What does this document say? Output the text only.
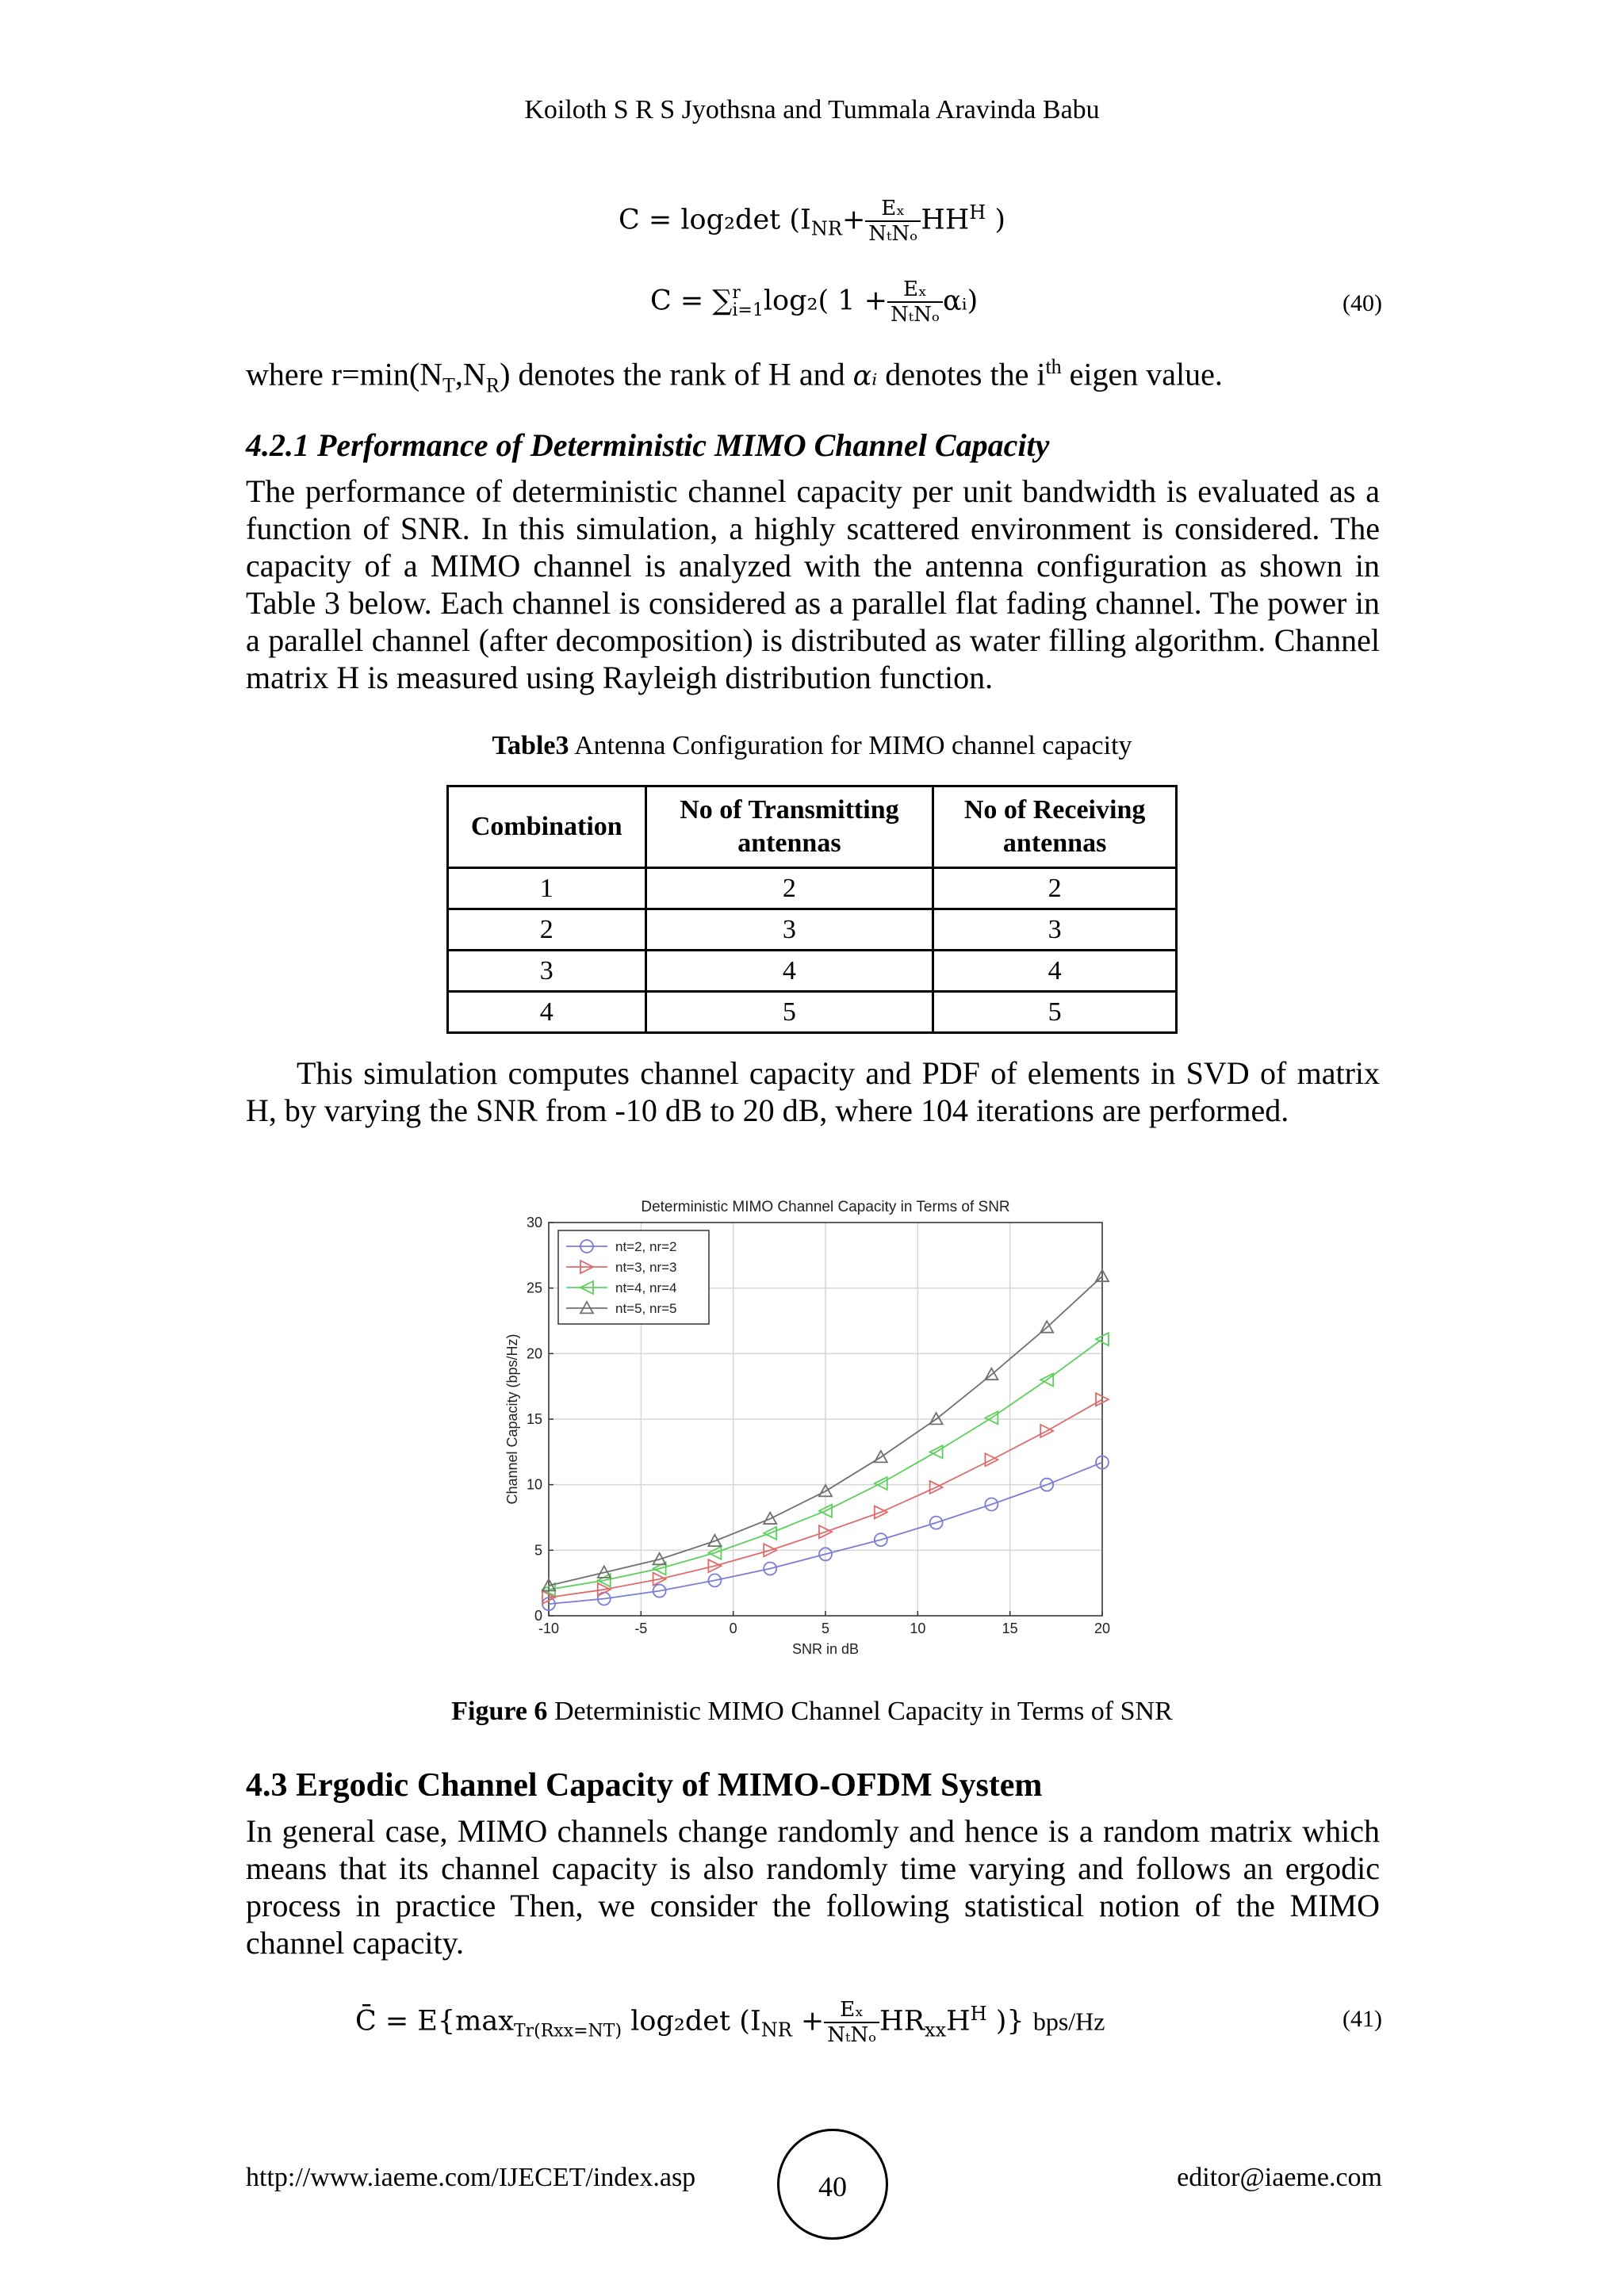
Koiloth S R S Jyothsna and Tummala Aravinda Babu
C = log₂det ($I_{NR}+ \frac{\text{Eₓ}}{\text{NₜNₒ}} HH^H$ )
C = ∑ r
i=1 log₂( $1 + \frac{\text{Eₓ}}{\text{NₜNₒ}}$ αᵢ)	(40)
where $r=\min(N_T,N_R)$ denotes the rank of H and αᵢ denotes the $i^{th}$ eigen value.
4.2.1 Performance of Deterministic MIMO Channel Capacity
The performance of deterministic channel capacity per unit bandwidth is evaluated as a function of SNR. In this simulation, a highly scattered environment is considered. The capacity of a MIMO channel is analyzed with the antenna configuration as shown in Table 3 below. Each channel is considered as a parallel flat fading channel. The power in a parallel channel (after decomposition) is distributed as water filling algorithm. Channel matrix H is measured using Rayleigh distribution function.
Table3 Antenna Configuration for MIMO channel capacity
Combination	No of Transmitting antennas	No of Receiving antennas
1	2	2
2	3	3
3	4	4
4	5	5
This simulation computes channel capacity and PDF of elements in SVD of matrix H, by varying the SNR from -10 dB to 20 dB, where 104 iterations are performed.
-10	-5	0	5	10	15	20
0
5
10
15
20
25
30
Deterministic MIMO Channel Capacity in Terms of SNR
SNR in dB
Channel Capacity (bps/Hz)
nt=2, nr=2
nt=3, nr=3
nt=4, nr=4
nt=5, nr=5
Figure 6 Deterministic MIMO Channel Capacity in Terms of SNR
4.3 Ergodic Channel Capacity of MIMO-OFDM System
In general case, MIMO channels change randomly and hence is a random matrix which means that its channel capacity is also randomly time varying and follows an ergodic process in practice Then, we consider the following statistical notion of the MIMO channel capacity.
C̄ = $E\{\max_{Tr(Rxx=NT)}$ log₂det ($I_{NR} + \frac{\text{Eₓ}}{\text{NₜNₒ}} HR_{xx}H^H$ )} bps/Hz	(41)
http://www.iaeme.com/IJECET/index.asp	40	editor@iaeme.com
